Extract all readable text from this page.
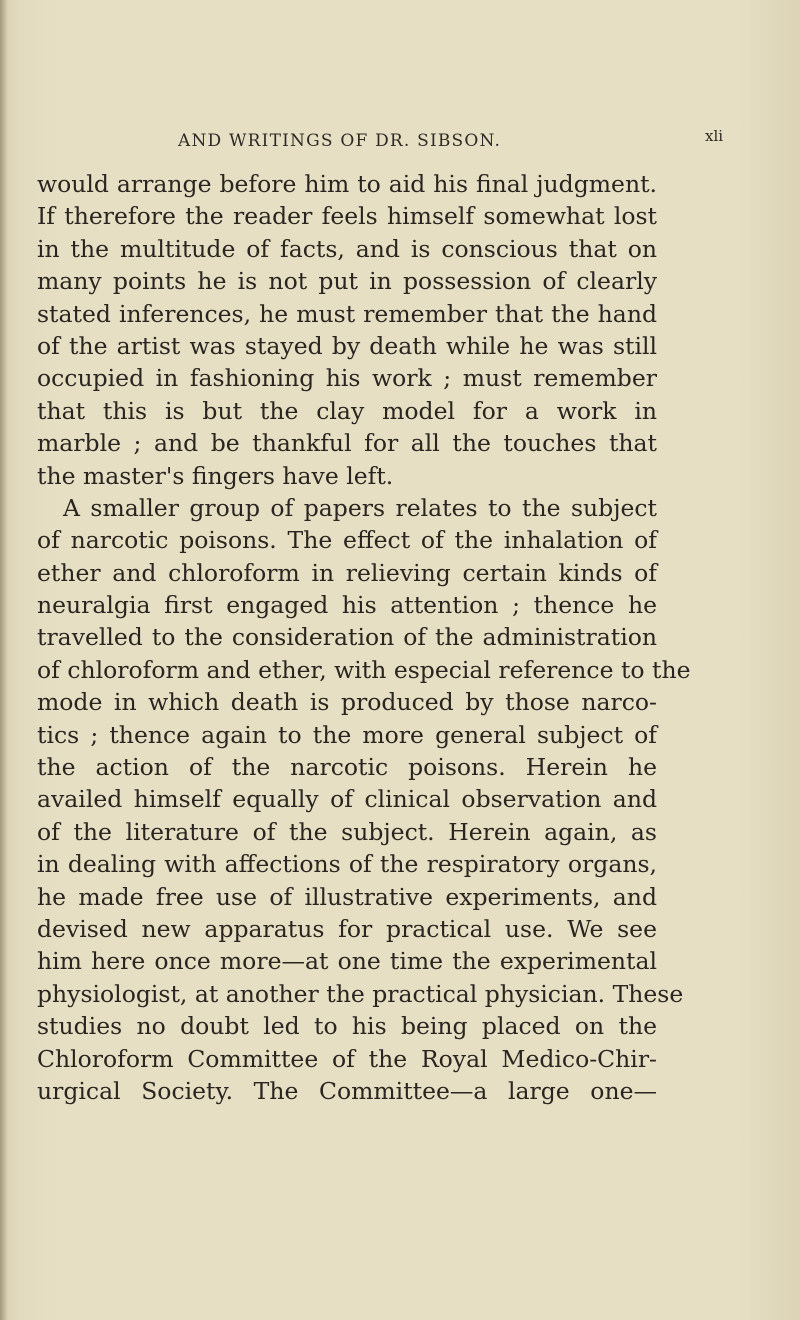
AND WRITINGS OF DR. SIBSON.	xli
would arrange before him to aid his final judgment.
If therefore the reader feels himself somewhat lost
in the multitude of facts, and is conscious that on
many points he is not put in possession of clearly
stated inferences, he must remember that the hand
of the artist was stayed by death while he was still
occupied in fashioning his work ; must remember
that this is but the clay model for a work in
marble ; and be thankful for all the touches that
the master's fingers have left.
A smaller group of papers relates to the subject
of narcotic poisons. The effect of the inhalation of
ether and chloroform in relieving certain kinds of
neuralgia first engaged his attention ; thence he
travelled to the consideration of the administration
of chloroform and ether, with especial reference to the
mode in which death is produced by those narco-
tics ; thence again to the more general subject of
the action of the narcotic poisons. Herein he
availed himself equally of clinical observation and
of the literature of the subject. Herein again, as
in dealing with affections of the respiratory organs,
he made free use of illustrative experiments, and
devised new apparatus for practical use. We see
him here once more—at one time the experimental
physiologist, at another the practical physician. These
studies no doubt led to his being placed on the
Chloroform Committee of the Royal Medico-Chir-
urgical Society. The Committee—a large one—
